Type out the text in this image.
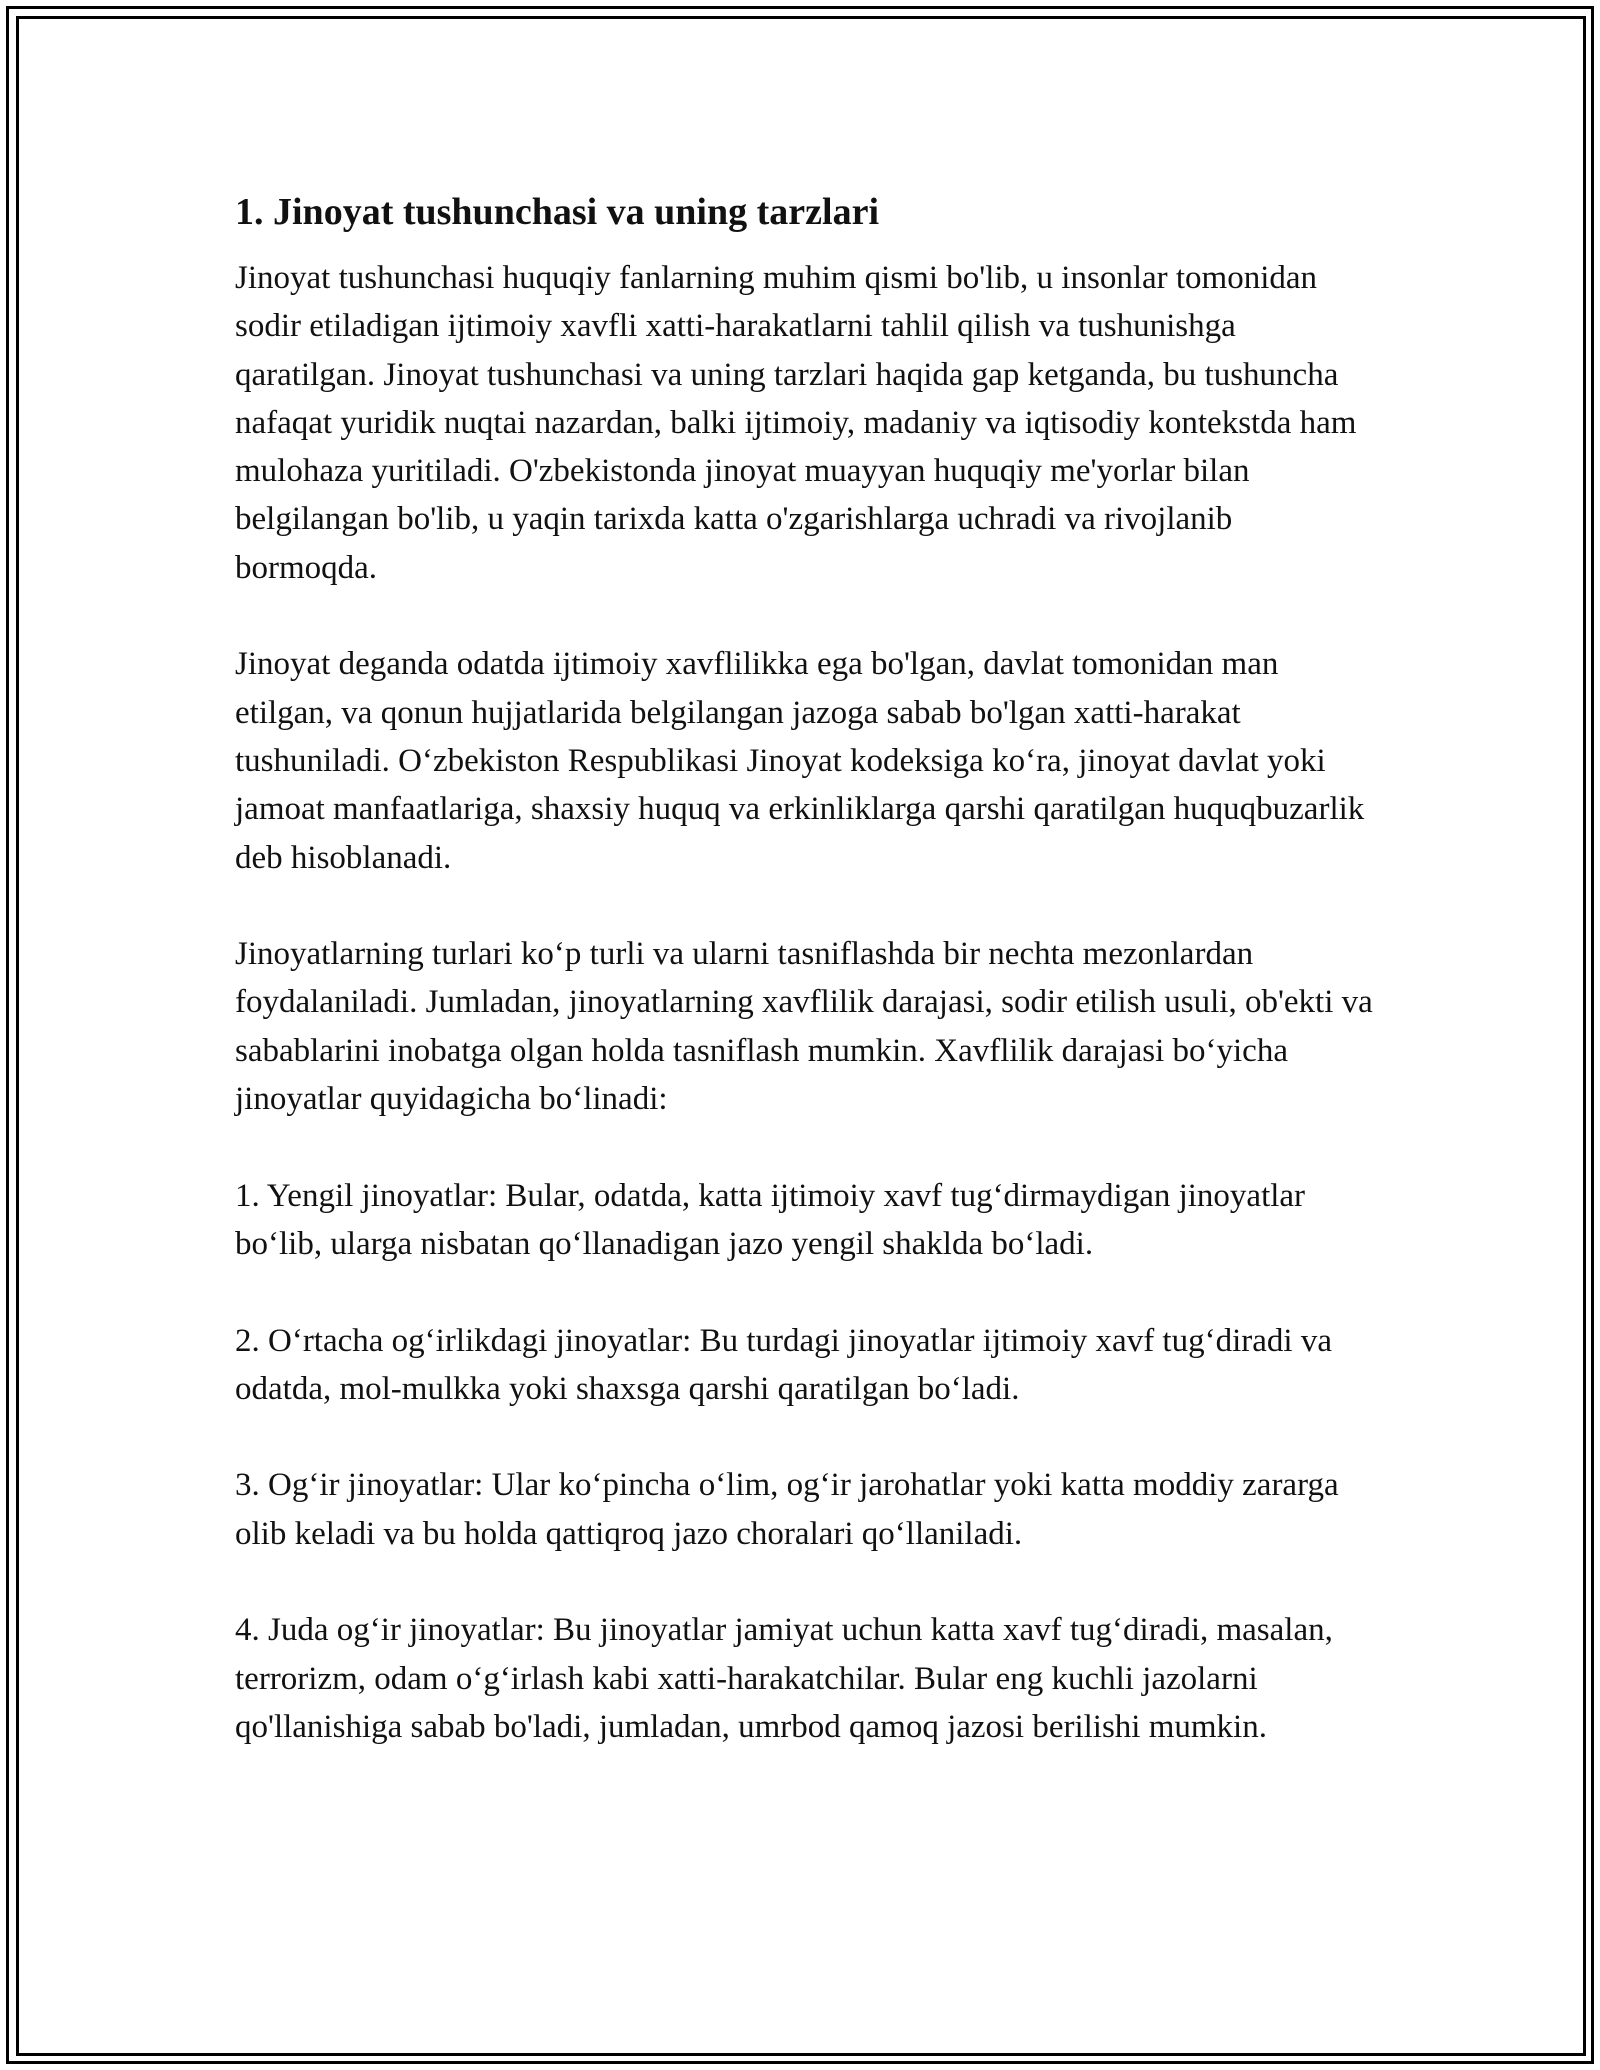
1. Jinoyat tushunchasi va uning tarzlari

Jinoyat tushunchasi huquqiy fanlarning muhim qismi bo'lib, u insonlar tomonidan sodir etiladigan ijtimoiy xavfli xatti-harakatlarni tahlil qilish va tushunishga qaratilgan. Jinoyat tushunchasi va uning tarzlari haqida gap ketganda, bu tushuncha nafaqat yuridik nuqtai nazardan, balki ijtimoiy, madaniy va iqtisodiy kontekstda ham mulohaza yuritiladi. O'zbekistonda jinoyat muayyan huquqiy me'yorlar bilan belgilangan bo'lib, u yaqin tarixda katta o'zgarishlarga uchradi va rivojlanib bormoqda.

Jinoyat deganda odatda ijtimoiy xavflilikka ega bo'lgan, davlat tomonidan man etilgan, va qonun hujjatlarida belgilangan jazoga sabab bo'lgan xatti-harakat tushuniladi. O‘zbekiston Respublikasi Jinoyat kodeksiga ko‘ra, jinoyat davlat yoki jamoat manfaatlariga, shaxsiy huquq va erkinliklarga qarshi qaratilgan huquqbuzarlik deb hisoblanadi.

Jinoyatlarning turlari ko‘p turli va ularni tasniflashda bir nechta mezonlardan foydalaniladi. Jumladan, jinoyatlarning xavflilik darajasi, sodir etilish usuli, ob'ekti va sabablarini inobatga olgan holda tasniflash mumkin. Xavflilik darajasi bo‘yicha jinoyatlar quyidagicha bo‘linadi:

1. Yengil jinoyatlar: Bular, odatda, katta ijtimoiy xavf tug‘dirmaydigan jinoyatlar bo‘lib, ularga nisbatan qo‘llanadigan jazo yengil shaklda bo‘ladi.

2. O‘rtacha og‘irlikdagi jinoyatlar: Bu turdagi jinoyatlar ijtimoiy xavf tug‘diradi va odatda, mol-mulkka yoki shaxsga qarshi qaratilgan bo‘ladi.

3. Og‘ir jinoyatlar: Ular ko‘pincha o‘lim, og‘ir jarohatlar yoki katta moddiy zararga olib keladi va bu holda qattiqroq jazo choralari qo‘llaniladi.

4. Juda og‘ir jinoyatlar: Bu jinoyatlar jamiyat uchun katta xavf tug‘diradi, masalan, terrorizm, odam o‘g‘irlash kabi xatti-harakatchilar. Bular eng kuchli jazolarni qo'llanishiga sabab bo'ladi, jumladan, umrbod qamoq jazosi berilishi mumkin.
